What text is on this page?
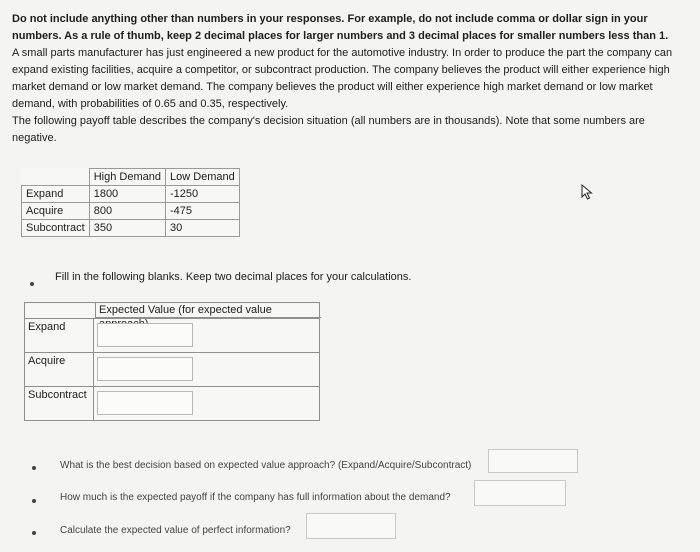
Do not include anything other than numbers in your responses. For example, do not include comma or dollar sign in your numbers. As a rule of thumb, keep 2 decimal places for larger numbers and 3 decimal places for smaller numbers less than 1.

A small parts manufacturer has just engineered a new product for the automotive industry. In order to produce the part the company can expand existing facilities, acquire a competitor, or subcontract production. The company believes the product will either experience high market demand or low market demand. The company believes the product will either experience high market demand or low market demand, with probabilities of 0.65 and 0.35, respectively.

The following payoff table describes the company's decision situation (all numbers are in thousands). Note that some numbers are negative.

	High Demand	Low Demand
Expand	1800	-1250
Acquire	800	-475
Subcontract	350	30
Fill in the following blanks. Keep two decimal places for your calculations.
Expected Value (for expected value
Expand
Acquire
Subcontract
What is the best decision based on expected value approach? (Expand/Acquire/Subcontract)
How much is the expected payoff if the company has full information about the demand?
Calculate the expected value of perfect information?
